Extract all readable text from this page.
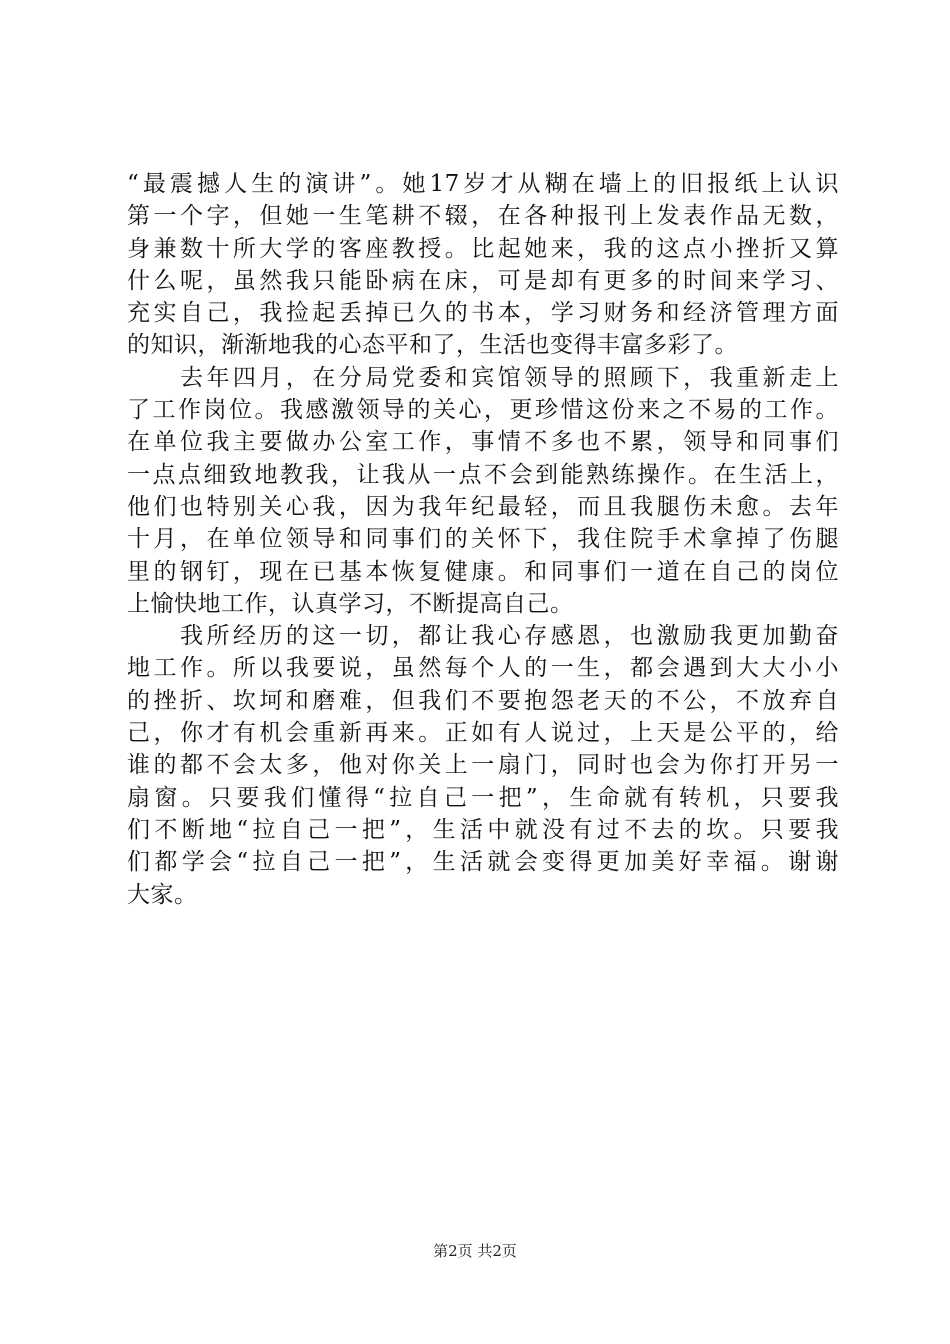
“最震撼人生的演讲”。她17岁才从糊在墙上的旧报纸上认识
第一个字，但她一生笔耕不辍，在各种报刊上发表作品无数，
身兼数十所大学的客座教授。比起她来，我的这点小挫折又算
什么呢，虽然我只能卧病在床，可是却有更多的时间来学习、
充实自己，我捡起丢掉已久的书本，学习财务和经济管理方面
的知识，渐渐地我的心态平和了，生活也变得丰富多彩了。
　　去年四月，在分局党委和宾馆领导的照顾下，我重新走上
了工作岗位。我感激领导的关心，更珍惜这份来之不易的工作。
在单位我主要做办公室工作，事情不多也不累，领导和同事们
一点点细致地教我，让我从一点不会到能熟练操作。在生活上，
他们也特别关心我，因为我年纪最轻，而且我腿伤未愈。去年
十月，在单位领导和同事们的关怀下，我住院手术拿掉了伤腿
里的钢钉，现在已基本恢复健康。和同事们一道在自己的岗位
上愉快地工作，认真学习，不断提高自己。
　　我所经历的这一切，都让我心存感恩，也激励我更加勤奋
地工作。所以我要说，虽然每个人的一生，都会遇到大大小小
的挫折、坎坷和磨难，但我们不要抱怨老天的不公，不放弃自
己，你才有机会重新再来。正如有人说过，上天是公平的，给
谁的都不会太多，他对你关上一扇门，同时也会为你打开另一
扇窗。只要我们懂得“拉自己一把”，生命就有转机，只要我
们不断地“拉自己一把”，生活中就没有过不去的坎。只要我
们都学会“拉自己一把”，生活就会变得更加美好幸福。谢谢
大家。
第2页 共2页
